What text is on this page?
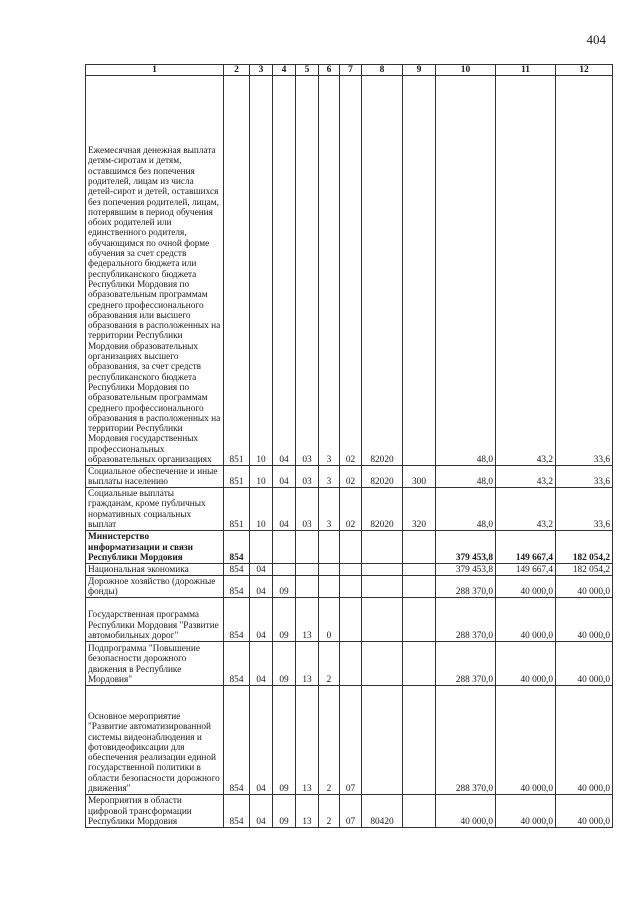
404
1	2	3	4	5	6	7	8	9	10	11	12
Ежемесячная денежная выплата детям-сиротам и детям, оставшимся без попечения родителей, лицам из числа детей-сирот и детей, оставшихся без попечения родителей, лицам, потерявшим в период обучения обоих родителей или единственного родителя, обучающимся по очной форме обучения за счет средств федерального бюджета или республиканского бюджета Республики Мордовия по образовательным программам среднего профессионального образования или высшего образования в расположенных на территории Республики Мордовия образовательных организациях высшего образования, за счет средств республиканского бюджета Республики Мордовия по образовательным программам среднего профессионального образования в расположенных на территории Республики Мордовия государственных профессиональных образовательных организациях	851	10	04	03	3	02	82020		48,0	43,2	33,6
Социальное обеспечение и иные выплаты населению	851	10	04	03	3	02	82020	300	48,0	43,2	33,6
Социальные выплаты гражданам, кроме публичных нормативных социальных выплат	851	10	04	03	3	02	82020	320	48,0	43,2	33,6
Министерство информатизации и связи Республики Мордовия	854								379 453,8	149 667,4	182 054,2
Национальная экономика	854	04							379 453,8	149 667,4	182 054,2
Дорожное хозяйство (дорожные фонды)	854	04	09						288 370,0	40 000,0	40 000,0
Государственная программа Республики Мордовия "Развитие автомобильных дорог"	854	04	09	13	0				288 370,0	40 000,0	40 000,0
Подпрограмма "Повышение безопасности дорожного движения в Республике Мордовия"	854	04	09	13	2				288 370,0	40 000,0	40 000,0
Основное мероприятие "Развитие автоматизированной системы видеонаблюдения и фотовидеофиксации для обеспечения реализации единой государственной политики в области безопасности дорожного движения"	854	04	09	13	2	07			288 370,0	40 000,0	40 000,0
Мероприятия в области цифровой трансформации Республики Мордовия	854	04	09	13	2	07	80420		40 000,0	40 000,0	40 000,0
